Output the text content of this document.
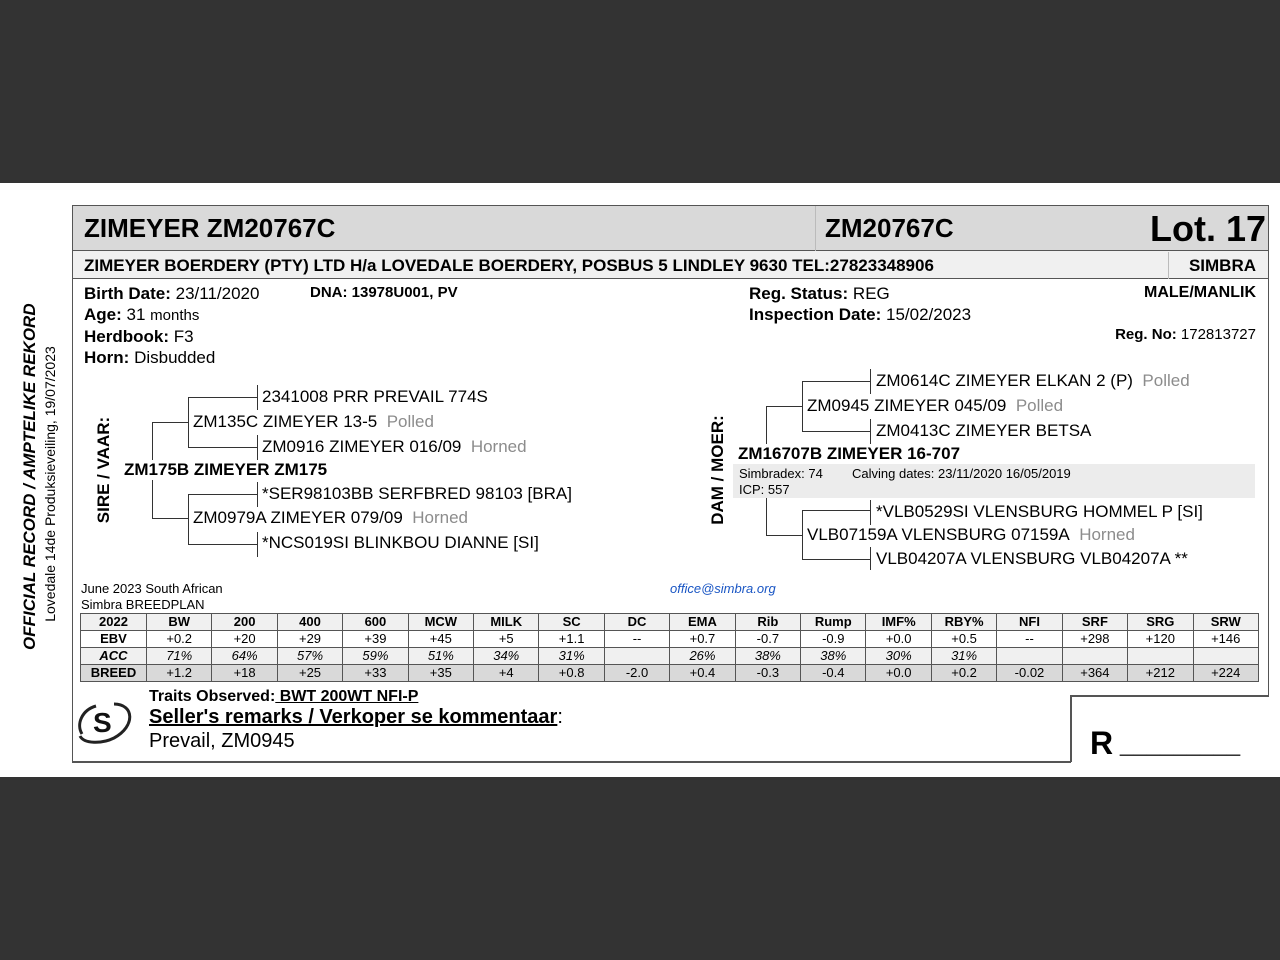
ZIMEYER ZM20767C	ZM20767C	Lot. 17
ZIMEYER BOERDERY (PTY) LTD H/a LOVEDALE BOERDERY, POSBUS 5 LINDLEY 9630 TEL:27823348906	SIMBRA
OFFICIAL RECORD / AMPTELIKE REKORD Lovedale 14de Produksieveiling, 19/07/2023
Birth Date: 23/11/2020
Age: 31 months
Herdbook: F3
Horn: Disbudded
DNA: 13978U001, PV	Reg. Status: REG
Inspection Date: 15/02/2023
MALE/MANLIK
Reg. No: 172813727
SIRE / VAAR: ZM175B ZIMEYER ZM175
ZM135C ZIMEYER 13-5 Polled
2341008 PRR PREVAIL 774S
ZM0916 ZIMEYER 016/09 Horned
ZM0979A ZIMEYER 079/09 Horned
*SER98103BB SERFBRED 98103 [BRA]
*NCS019SI BLINKBOU DIANNE [SI]
DAM / MOER: ZM16707B ZIMEYER 16-707
Simbradex: 74 Calving dates: 23/11/2020 16/05/2019
ICP: 557
ZM0945 ZIMEYER 045/09 Polled
ZM0614C ZIMEYER ELKAN 2 (P) Polled
ZM0413C ZIMEYER BETSA
VLB07159A VLENSBURG 07159A Horned
*VLB0529SI VLENSBURG HOMMEL P [SI]
VLB04207A VLENSBURG VLB04207A **
June 2023 South African
Simbra BREEDPLAN
office@simbra.org
2022	BW	200	400	600	MCW	MILK	SC	DC	EMA	Rib	Rump	IMF%	RBY%	NFI	SRF	SRG	SRW
EBV	+0.2	+20	+29	+39	+45	+5	+1.1	--	+0.7	-0.7	-0.9	+0.0	+0.5	--	+298	+120	+146
ACC	71%	64%	57%	59%	51%	34%	31%		26%	38%	38%	30%	31%				
BREED	+1.2	+18	+25	+33	+35	+4	+0.8	-2.0	+0.4	-0.3	-0.4	+0.0	+0.2	-0.02	+364	+212	+224
S
Traits Observed: BWT 200WT NFI-P
Seller's remarks / Verkoper se kommentaar:
Prevail, ZM0945	R _________
